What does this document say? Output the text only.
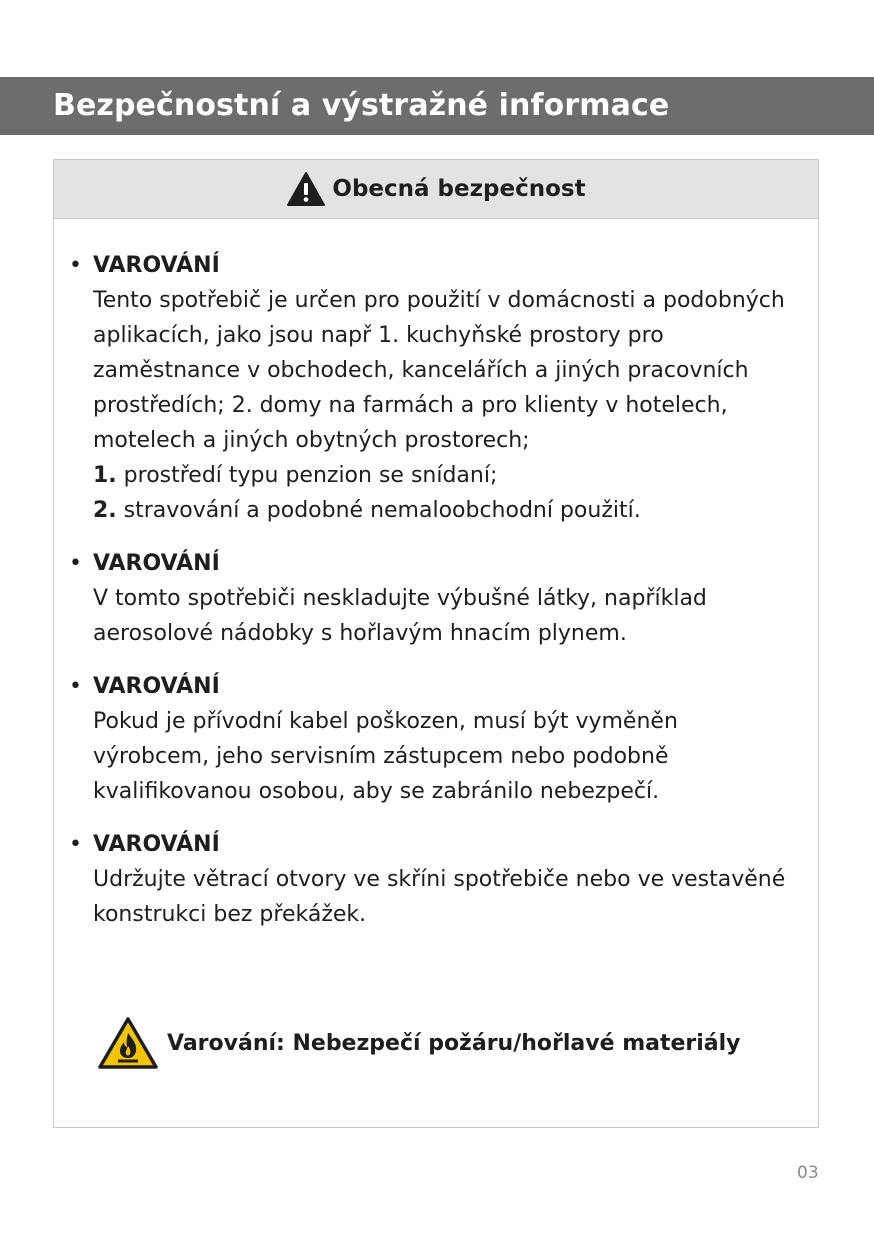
Bezpečnostní a výstražné informace
Obecná bezpečnost
• VAROVÁNÍ
Tento spotřebič je určen pro použití v domácnosti a podobných aplikacích, jako jsou např 1. kuchyňské prostory pro zaměstnance v obchodech, kancelářích a jiných pracovních prostředích; 2. domy na farmách a pro klienty v hotelech, motelech a jiných obytných prostorech;
1. prostředí typu penzion se snídaní;
2. stravování a podobné nemaloobchodní použití.
• VAROVÁNÍ
V tomto spotřebiči neskladujte výbušné látky, například aerosolové nádobky s hořlavým hnacím plynem.
• VAROVÁNÍ
Pokud je přívodní kabel poškozen, musí být vyměněn výrobcem, jeho servisním zástupcem nebo podobně kvalifikovanou osobou, aby se zabránilo nebezpečí.
• VAROVÁNÍ
Udržujte větrací otvory ve skříni spotřebiče nebo ve vestavěné konstrukci bez překážek.
Varování: Nebezpečí požáru/hořlavé materiály
03
